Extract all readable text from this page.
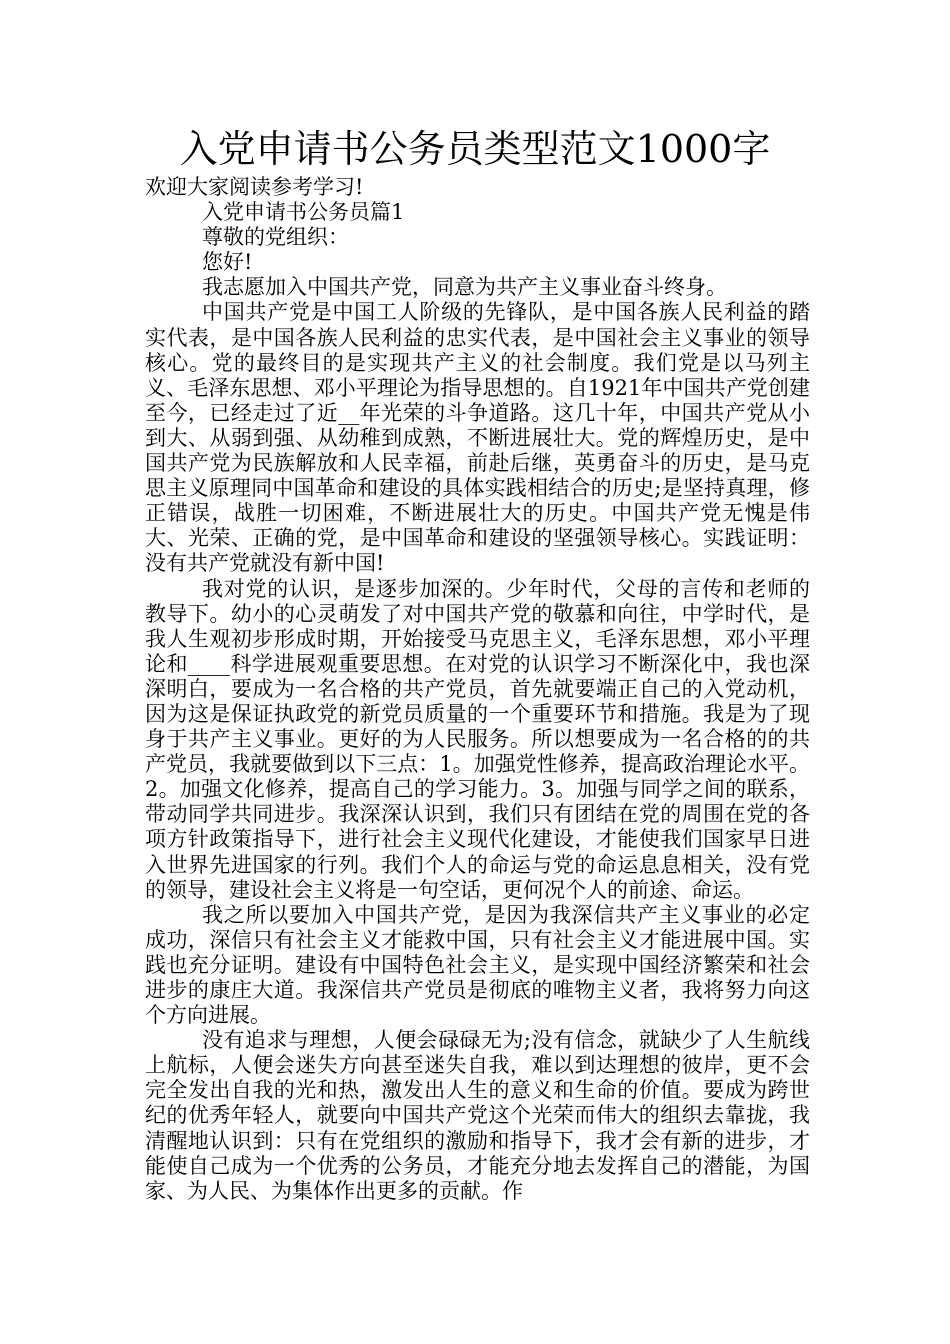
入党申请书公务员类型范文1000字

欢迎大家阅读参考学习!

入党申请书公务员篇1

尊敬的党组织：

您好!

我志愿加入中国共产党，同意为共产主义事业奋斗终身。

中国共产党是中国工人阶级的先锋队，是中国各族人民利益的踏实代表，是中国各族人民利益的忠实代表，是中国社会主义事业的领导核心。党的最终目的是实现共产主义的社会制度。我们党是以马列主义、毛泽东思想、邓小平理论为指导思想的。自1921年中国共产党创建至今，已经走过了近__年光荣的斗争道路。这几十年，中国共产党从小到大、从弱到强、从幼稚到成熟，不断进展壮大。党的辉煌历史，是中国共产党为民族解放和人民幸福，前赴后继，英勇奋斗的历史，是马克思主义原理同中国革命和建设的具体实践相结合的历史;是坚持真理，修正错误，战胜一切困难，不断进展壮大的历史。中国共产党无愧是伟大、光荣、正确的党，是中国革命和建设的坚强领导核心。实践证明：没有共产党就没有新中国!

我对党的认识，是逐步加深的。少年时代，父母的言传和老师的教导下。幼小的心灵萌发了对中国共产党的敬慕和向往，中学时代，是我人生观初步形成时期，开始接受马克思主义，毛泽东思想，邓小平理论和____科学进展观重要思想。在对党的认识学习不断深化中，我也深深明白，要成为一名合格的共产党员，首先就要端正自己的入党动机，因为这是保证执政党的新党员质量的一个重要环节和措施。我是为了现身于共产主义事业。更好的为人民服务。所以想要成为一名合格的的共产党员，我就要做到以下三点：1。加强党性修养，提高政治理论水平。2。加强文化修养，提高自己的学习能力。3。加强与同学之间的联系，带动同学共同进步。我深深认识到，我们只有团结在党的周围在党的各项方针政策指导下，进行社会主义现代化建设，才能使我们国家早日进入世界先进国家的行列。我们个人的命运与党的命运息息相关，没有党的领导，建设社会主义将是一句空话，更何况个人的前途、命运。

我之所以要加入中国共产党，是因为我深信共产主义事业的必定成功，深信只有社会主义才能救中国，只有社会主义才能进展中国。实践也充分证明。建设有中国特色社会主义，是实现中国经济繁荣和社会进步的康庄大道。我深信共产党员是彻底的唯物主义者，我将努力向这个方向进展。

没有追求与理想，人便会碌碌无为;没有信念，就缺少了人生航线上航标，人便会迷失方向甚至迷失自我，难以到达理想的彼岸，更不会完全发出自我的光和热，激发出人生的意义和生命的价值。要成为跨世纪的优秀年轻人，就要向中国共产党这个光荣而伟大的组织去靠拢，我清醒地认识到：只有在党组织的激励和指导下，我才会有新的进步，才能使自己成为一个优秀的公务员，才能充分地去发挥自己的潜能，为国家、为人民、为集体作出更多的贡献。作
